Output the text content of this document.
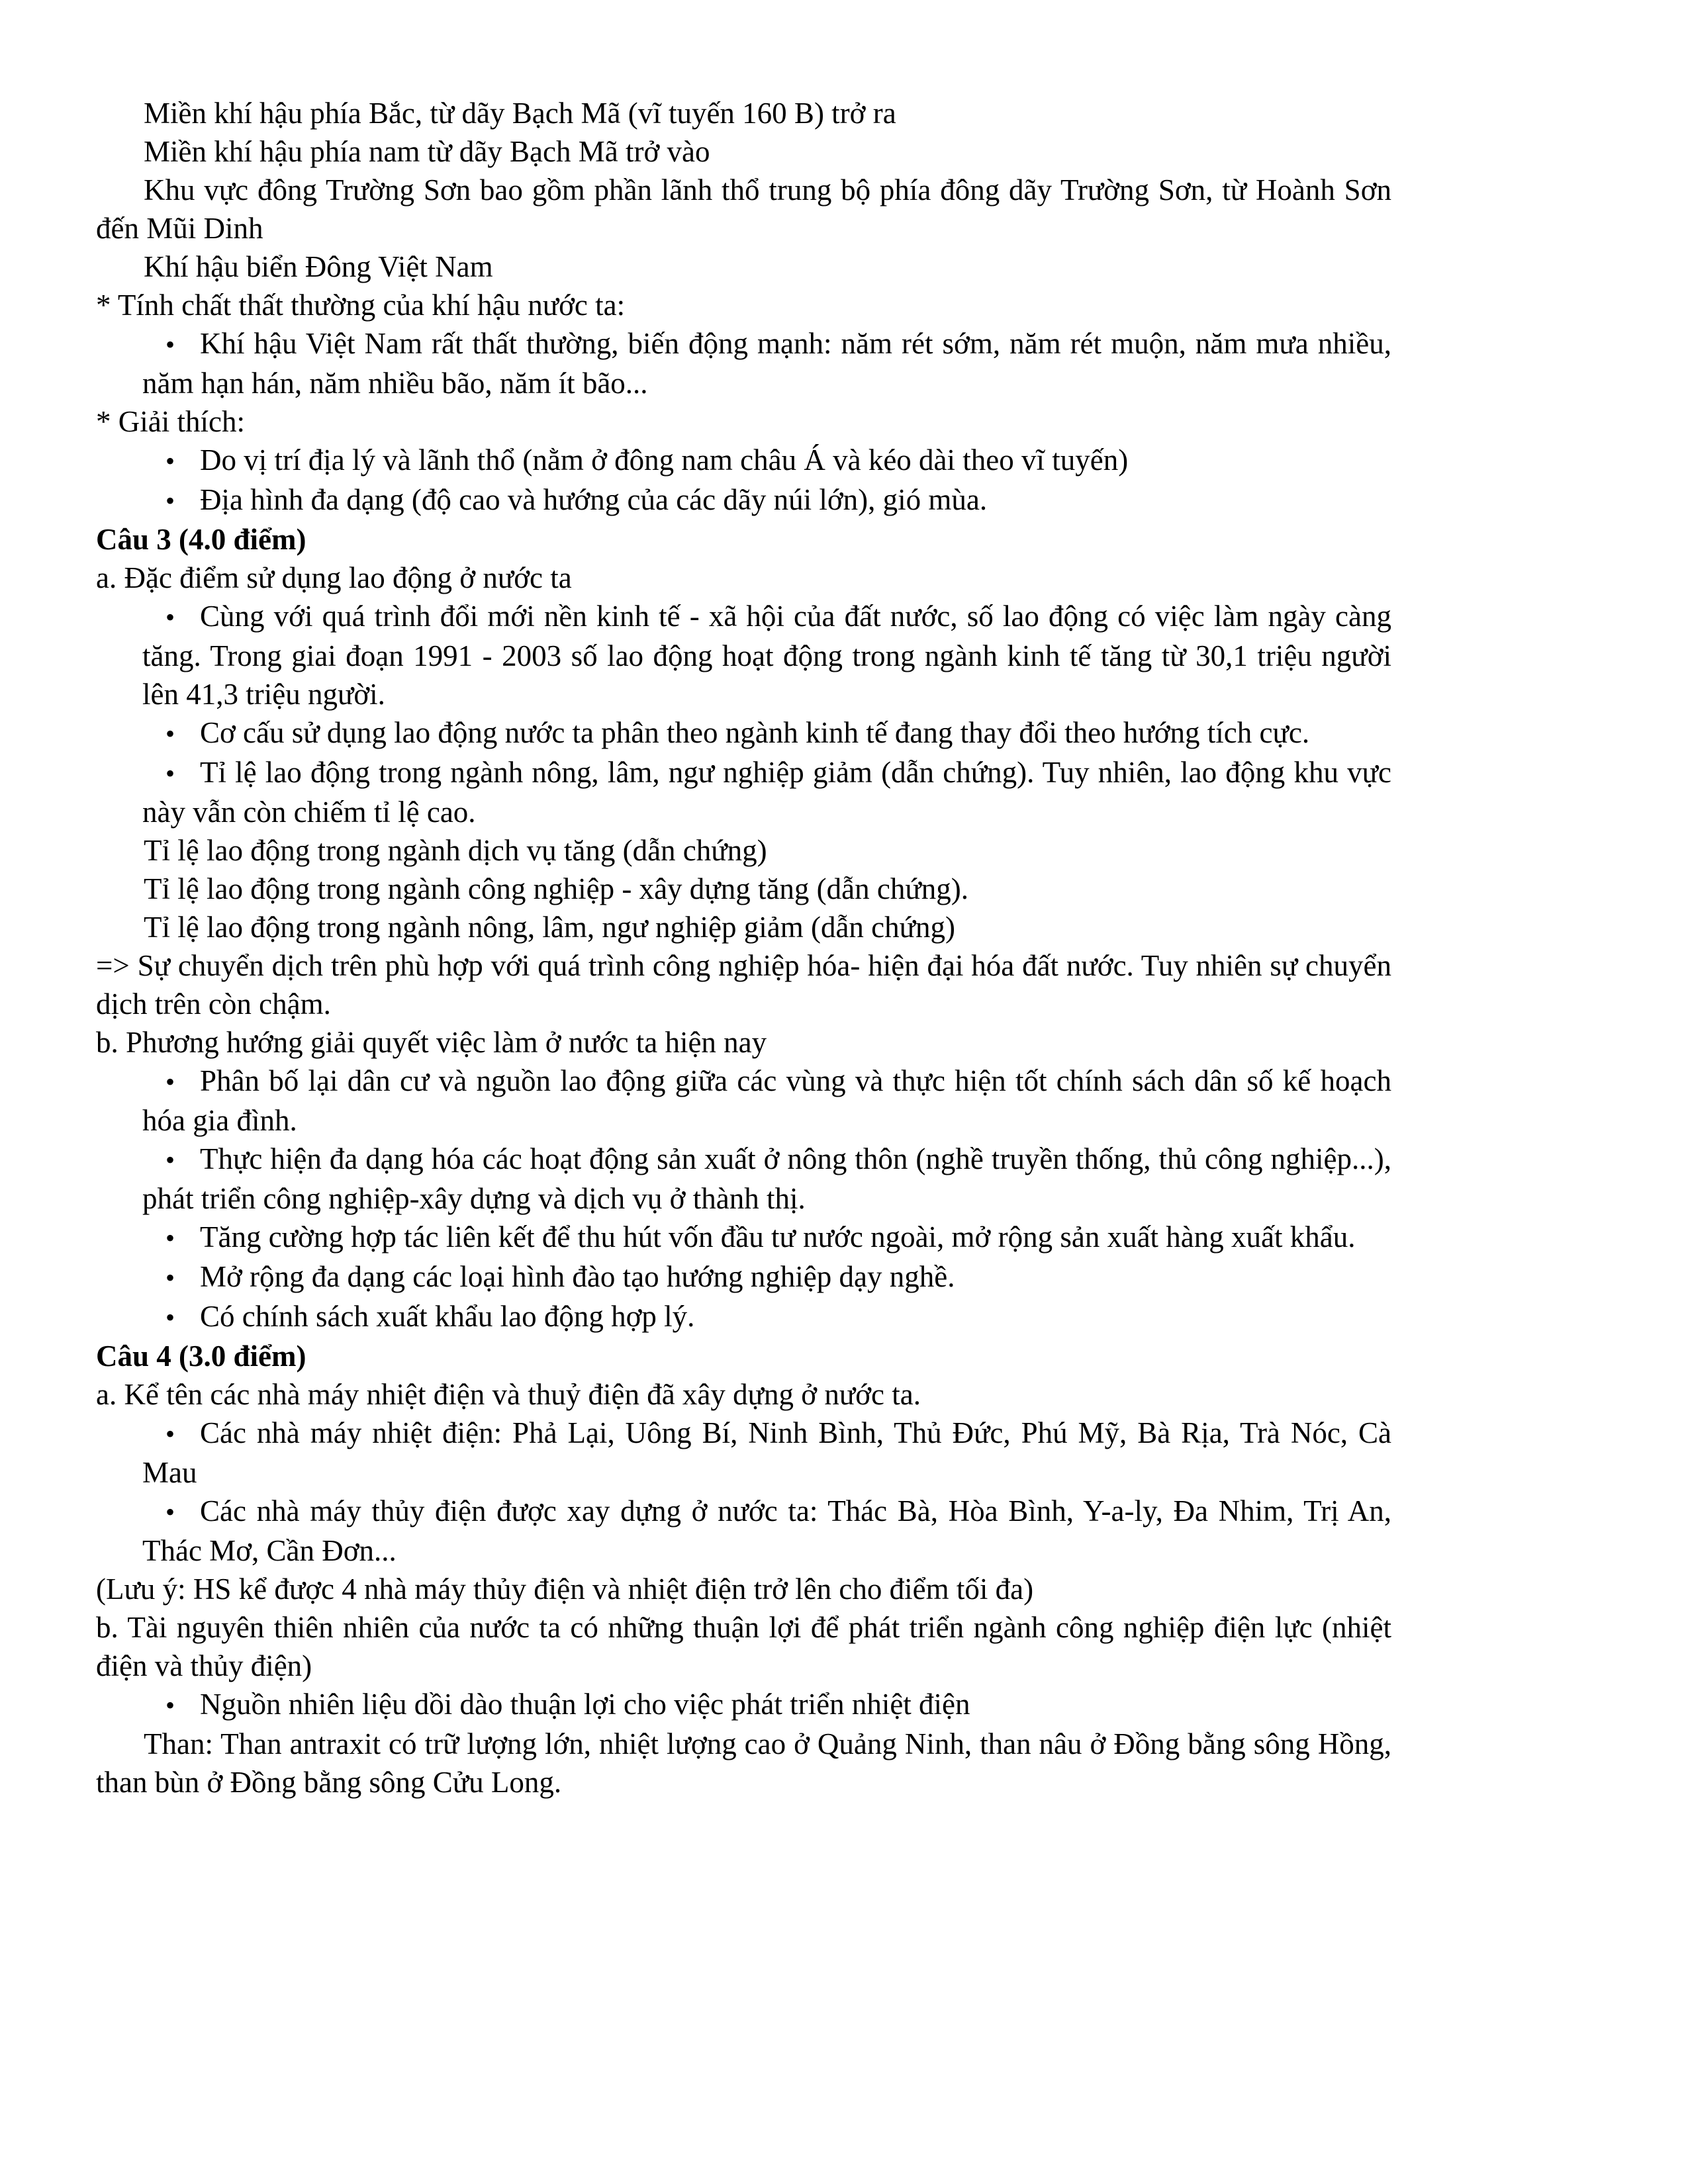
Miền khí hậu phía Bắc, từ dãy Bạch Mã (vĩ tuyến 160 B) trở ra
Miền khí hậu phía nam từ dãy Bạch Mã trở vào
Khu vực đông Trường Sơn bao gồm phần lãnh thổ trung bộ phía đông dãy Trường Sơn, từ Hoành Sơn đến Mũi Dinh
Khí hậu biển Đông Việt Nam
* Tính chất thất thường của khí hậu nước ta:
• Khí hậu Việt Nam rất thất thường, biến động mạnh: năm rét sớm, năm rét muộn, năm mưa nhiều, năm hạn hán, năm nhiều bão, năm ít bão...
* Giải thích:
• Do vị trí địa lý và lãnh thổ (nằm ở đông nam châu Á và kéo dài theo vĩ tuyến)
• Địa hình đa dạng (độ cao và hướng của các dãy núi lớn), gió mùa.
Câu 3 (4.0 điểm)
a. Đặc điểm sử dụng lao động ở nước ta
• Cùng với quá trình đổi mới nền kinh tế - xã hội của đất nước, số lao động có việc làm ngày càng tăng. Trong giai đoạn 1991 - 2003 số lao động hoạt động trong ngành kinh tế tăng từ 30,1 triệu người lên 41,3 triệu người.
• Cơ cấu sử dụng lao động nước ta phân theo ngành kinh tế đang thay đổi theo hướng tích cực.
• Tỉ lệ lao động trong ngành nông, lâm, ngư nghiệp giảm (dẫn chứng). Tuy nhiên, lao động khu vực này vẫn còn chiếm tỉ lệ cao.
Tỉ lệ lao động trong ngành dịch vụ tăng (dẫn chứng)
Tỉ lệ lao động trong ngành công nghiệp - xây dựng tăng (dẫn chứng).
Tỉ lệ lao động trong ngành nông, lâm, ngư nghiệp giảm (dẫn chứng)
=> Sự chuyển dịch trên phù hợp với quá trình công nghiệp hóa- hiện đại hóa đất nước. Tuy nhiên sự chuyển dịch trên còn chậm.
b. Phương hướng giải quyết việc làm ở nước ta hiện nay
• Phân bố lại dân cư và nguồn lao động giữa các vùng và thực hiện tốt chính sách dân số kế hoạch hóa gia đình.
• Thực hiện đa dạng hóa các hoạt động sản xuất ở nông thôn (nghề truyền thống, thủ công nghiệp...), phát triển công nghiệp-xây dựng và dịch vụ ở thành thị.
• Tăng cường hợp tác liên kết để thu hút vốn đầu tư nước ngoài, mở rộng sản xuất hàng xuất khẩu.
• Mở rộng đa dạng các loại hình đào tạo hướng nghiệp dạy nghề.
• Có chính sách xuất khẩu lao động hợp lý.
Câu 4 (3.0 điểm)
a. Kể tên các nhà máy nhiệt điện và thuỷ điện đã xây dựng ở nước ta.
• Các nhà máy nhiệt điện: Phả Lại, Uông Bí, Ninh Bình, Thủ Đức, Phú Mỹ, Bà Rịa, Trà Nóc, Cà Mau
• Các nhà máy thủy điện được xay dựng ở nước ta: Thác Bà, Hòa Bình, Y-a-ly, Đa Nhim, Trị An, Thác Mơ, Cần Đơn...
(Lưu ý: HS kể được 4 nhà máy thủy điện và nhiệt điện trở lên cho điểm tối đa)
b. Tài nguyên thiên nhiên của nước ta có những thuận lợi để phát triển ngành công nghiệp điện lực (nhiệt điện và thủy điện)
• Nguồn nhiên liệu dồi dào thuận lợi cho việc phát triển nhiệt điện
Than: Than antraxit có trữ lượng lớn, nhiệt lượng cao ở Quảng Ninh, than nâu ở Đồng bằng sông Hồng, than bùn ở Đồng bằng sông Cửu Long.
